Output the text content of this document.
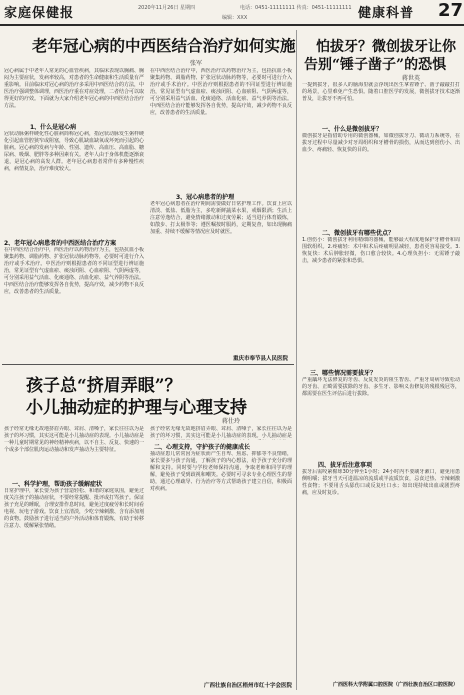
家庭保健报	2020年11月26日 星期四
编辑：XXX
电话：0451-11111111 传真：0451-11111111 健康科普 27
老年冠心病的中西医结合治疗如何实施
张军
冠心病属于中老年人常见的心血管疾病，其临床表现以胸痛、胸闷为主要症状，发病率较高，对患者的生命健康和生活质量有严重影响。目前临床对冠心病的治疗多采用中西医结合的方法，中医治疗强调整体调理，西医治疗重在对症处理，二者结合可以取得更好的疗效。下面就为大家介绍老年冠心病的中西医结合治疗方法。
1、什么是冠心病
冠状动脉粥样硬化性心脏病简称冠心病，指冠状动脉发生粥样硬化引起血管腔狭窄或阻塞，导致心肌缺血缺氧或坏死而引起的心脏病。冠心病的发病与年龄、性别、遗传、高血压、高血脂、糖尿病、吸烟、肥胖等多种因素有关。老年人由于身体机能逐渐衰退，是冠心病的高发人群。老年冠心病患者常伴有多种慢性疾病，病情复杂，治疗难度较大。
2、老年冠心病患者的中西医结合治疗方案
在中西医结合治疗中，西医治疗以药物治疗为主，包括抗血小板聚集药物、调脂药物、扩张冠状动脉药物等，必要时可进行介入治疗或手术治疗。中医治疗则根据患者的不同证型进行辨证施治，常见证型有气虚血瘀、痰浊闭阻、心血瘀阻、气阴两虚等，可分别采用益气活血、化痰通络、活血化瘀、益气养阴等治法。中西医结合治疗能够发挥各自优势，提高疗效，减少药物不良反应，改善患者的生活质量。
在中西医结合治疗中，西医治疗以药物治疗为主，包括抗血小板聚集药物、调脂药物、扩张冠状动脉药物等，必要时可进行介入治疗或手术治疗。中医治疗则根据患者的不同证型进行辨证施治，常见证型有气虚血瘀、痰浊闭阻、心血瘀阻、气阴两虚等，可分别采用益气活血、化痰通络、活血化瘀、益气养阴等治法。中西医结合治疗能够发挥各自优势，提高疗效，减少药物不良反应，改善患者的生活质量。
3、冠心病患者的护理
老年冠心病患者在治疗期间需要做好日常护理工作。饮食上应以清淡、低盐、低脂为主，多吃新鲜蔬菜水果，戒烟限酒；生活上注意劳逸结合，避免情绪激动和过度劳累；适当进行体育锻炼，如散步、打太极拳等；遵医嘱按时服药，定期复查，如出现胸痛加重、持续不缓解等情况应及时就医。
重庆市奉节县人民医院
孩子总“挤眉弄眼”？
小儿抽动症的护理与心理支持
蒋仕玲
孩子经常无缘无故地挤眉弄眼、耸肩、清嗓子，家长往往以为是孩子的坏习惯，其实这可能是小儿抽动症的表现。小儿抽动症是一种儿童时期常见的神经精神疾病，以不自主、反复、快速的一个或多个部位肌肉运动抽动和发声抽动为主要特征。
一、科学护理，帮助孩子缓解症状
日常护理中，家长要为孩子营造轻松、和谐的家庭氛围，避免过度关注孩子的抽动症状，不要经常提醒、批评或打骂孩子。保证孩子充足的睡眠，合理安排作息时间，避免过度疲劳和长时间看电视、玩电子游戏。饮食上宜清淡，少吃辛辣刺激、含有添加剂的食物。鼓励孩子进行适当的户外活动和体育锻炼，有助于转移注意力、缓解紧张情绪。
孩子经常无缘无故地挤眉弄眼、耸肩、清嗓子，家长往往以为是孩子的坏习惯，其实这可能是小儿抽动症的表现。小儿抽动症是
二、心理支持，守护孩子的健康成长
抽动症患儿常常因为症状而产生自卑、焦虑、抑郁等不良情绪，家长要多与孩子沟通，了解孩子的内心想法，给予孩子充分的理解和支持。同时要与学校老师保持沟通，争取老师和同学的理解，避免孩子受到歧视和嘲笑。必要时可寻求专业心理医生的帮助，通过心理疏导、行为治疗等方式帮助孩子建立自信，积极面对疾病。
广西壮族自治区梧州市红十字会医院
怕拔牙？微创拔牙让你
告别“锤子凿子”的恐惧
蒋世英
一提到拔牙，很多人的脑海里就会浮现出医生拿着锤子、凿子敲敲打打的场景，心里难免产生恐惧。随着口腔医学的发展，微创拔牙技术逐渐普及，让拔牙不再可怕。
一、什么是微创拔牙？
微创拔牙是指借助专用的微创器械，如微创拔牙刀、微动力系统等，在拔牙过程中尽量减少对牙周组织和牙槽骨的损伤，从而达到创伤小、出血少、疼痛轻、恢复快的目的。
二、微创拔牙有哪些优点？
1.创伤小：微创拔牙利用精细的器械，能够最大程度地保护牙槽骨和周围软组织。2.疼痛轻：术中和术后疼痛明显减轻，患者更容易接受。3.恢复快：术后肿胀轻微，伤口愈合较快。4.心理负担小：无需锤子敲击，减少患者的紧张和恐惧。
三、哪些情况需要拔牙？
严重龋坏无法修复的牙齿、反复发炎的阻生智齿、严重牙周病导致松动的牙齿、正畸需要拔除的牙齿、多生牙、影响义齿修复的残根残冠等，都需要在医生评估后进行拔除。
四、拔牙后注意事项
拔牙后需咬紧棉球30分钟至1小时；24小时内不要刷牙漱口，避免用患侧咀嚼；拔牙当天可进温凉的流质或半流质饮食，忌食过热、辛辣刺激性食物；不要用舌头舔伤口或反复吐口水；如出现持续出血或剧烈疼痛，应及时复诊。
广西医科大学附属口腔医院（广西壮族自治区口腔医院）
